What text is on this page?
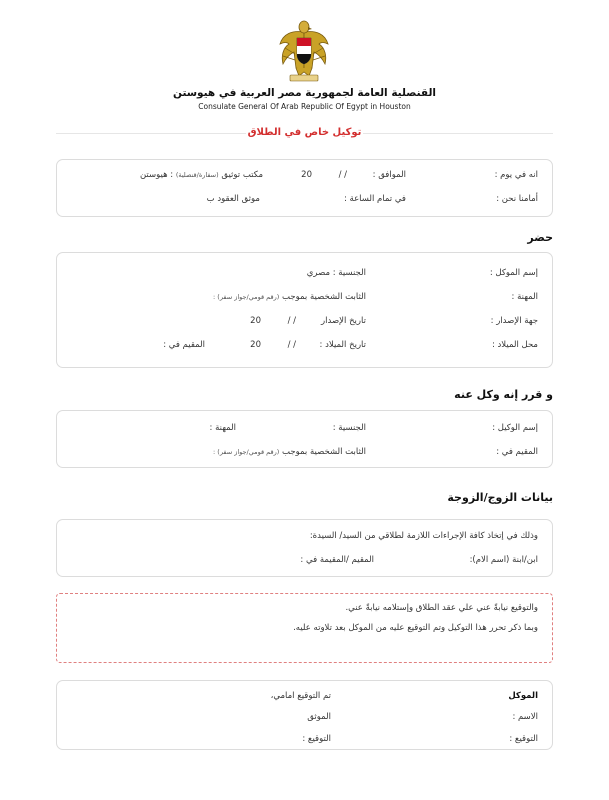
القنصلية العامة لجمهورية مصر العربية في هيوستن
Consulate General Of Arab Republic Of Egypt in Houston
توكيل خاص في الطلاق
انه في يوم :
الموافق :
/ /
20
مكتب توثيق (سفارة/قنصلية) : هيوستن
أمامنا نحن :
في تمام الساعة :
موثق العقود ب
حضر
إسم الموكل :
الجنسية : مصري
المهنة :
الثابت الشخصية بموجب (رقم قومي/جواز سفر) :
جهة الإصدار :
تاريخ الإصدار
/ /
20
محل الميلاد :
تاريخ الميلاد :
/ /
20
المقيم في :
و قرر إنه وكل عنه
إسم الوكيل :
الجنسية :
المهنة :
المقيم في :
الثابت الشخصية بموجب (رقم قومي/جواز سفر) :
بيانات الزوج/الزوجة
وذلك في إتخاذ كافة الإجراءات اللازمة لطلاقي من السيد/ السيدة:
ابن/ابنة (اسم الام):
المقيم /المقيمة في :
والتوقيع نيابةً عني علي عقد الطلاق وإستلامه نيابةً عني.
وبما ذكر تحرر هذا التوكيل وتم التوقيع عليه من الموكل بعد تلاوته عليه.
الموكل
تم التوقيع امامي،
الاسم :
الموثق
التوقيع :
التوقيع :
